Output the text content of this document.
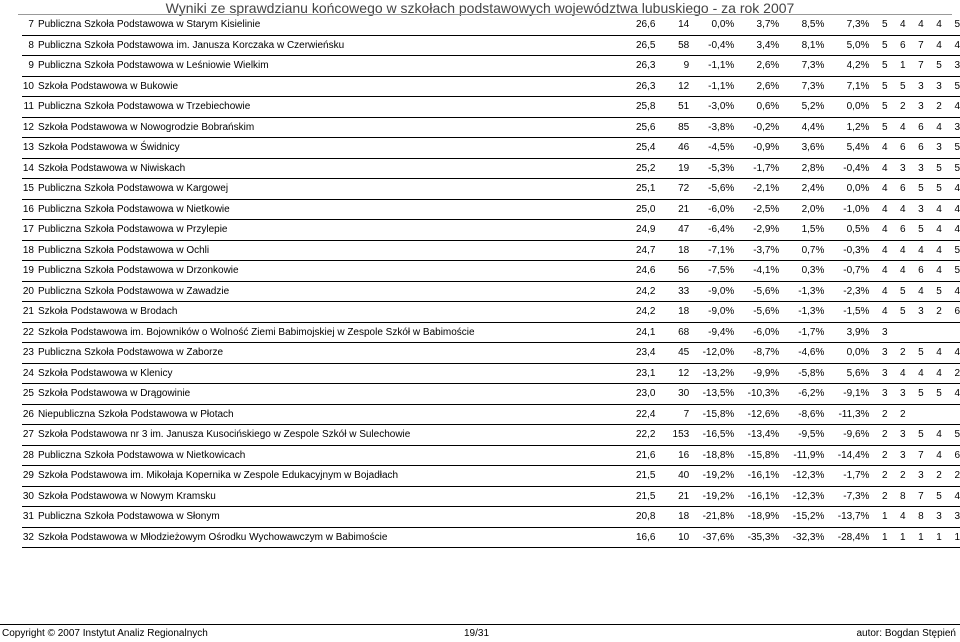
Wyniki ze sprawdzianu końcowego w szkołach podstawowych województwa lubuskiego - za rok 2007
7	Publiczna Szkoła Podstawowa w Starym Kisielinie	26,6	14	0,0%	3,7%	8,5%	7,3%	5	4	4	4	5
8	Publiczna Szkoła Podstawowa im. Janusza Korczaka w Czerwieńsku	26,5	58	-0,4%	3,4%	8,1%	5,0%	5	6	7	4	4
9	Publiczna Szkoła Podstawowa w Leśniowie Wielkim	26,3	9	-1,1%	2,6%	7,3%	4,2%	5	1	7	5	3
10	Szkoła Podstawowa w Bukowie	26,3	12	-1,1%	2,6%	7,3%	7,1%	5	5	3	3	5
11	Publiczna Szkoła Podstawowa w Trzebiechowie	25,8	51	-3,0%	0,6%	5,2%	0,0%	5	2	3	2	4
12	Szkoła Podstawowa w Nowogrodzie Bobrańskim	25,6	85	-3,8%	-0,2%	4,4%	1,2%	5	4	6	4	3
13	Szkoła Podstawowa w Świdnicy	25,4	46	-4,5%	-0,9%	3,6%	5,4%	4	6	6	3	5
14	Szkoła Podstawowa w Niwiskach	25,2	19	-5,3%	-1,7%	2,8%	-0,4%	4	3	3	5	5
15	Publiczna Szkoła Podstawowa w Kargowej	25,1	72	-5,6%	-2,1%	2,4%	0,0%	4	6	5	5	4
16	Publiczna Szkoła Podstawowa w Nietkowie	25,0	21	-6,0%	-2,5%	2,0%	-1,0%	4	4	3	4	4
17	Publiczna Szkoła Podstawowa w Przylepie	24,9	47	-6,4%	-2,9%	1,5%	0,5%	4	6	5	4	4
18	Publiczna Szkoła Podstawowa w Ochli	24,7	18	-7,1%	-3,7%	0,7%	-0,3%	4	4	4	4	5
19	Publiczna Szkoła Podstawowa w Drzonkowie	24,6	56	-7,5%	-4,1%	0,3%	-0,7%	4	4	6	4	5
20	Publiczna Szkoła Podstawowa w Zawadzie	24,2	33	-9,0%	-5,6%	-1,3%	-2,3%	4	5	4	5	4
21	Szkoła Podstawowa w Brodach	24,2	18	-9,0%	-5,6%	-1,3%	-1,5%	4	5	3	2	6
22	Szkoła Podstawowa im. Bojowników o Wolność Ziemi Babimojskiej w Zespole Szkół w Babimoście	24,1	68	-9,4%	-6,0%	-1,7%	3,9%	3				
23	Publiczna Szkoła Podstawowa w Zaborze	23,4	45	-12,0%	-8,7%	-4,6%	0,0%	3	2	5	4	4
24	Szkoła Podstawowa w Klenicy	23,1	12	-13,2%	-9,9%	-5,8%	5,6%	3	4	4	4	2
25	Szkoła Podstawowa w Drągowinie	23,0	30	-13,5%	-10,3%	-6,2%	-9,1%	3	3	5	5	4
26	Niepubliczna Szkoła Podstawowa w Płotach	22,4	7	-15,8%	-12,6%	-8,6%	-11,3%	2	2			
27	Szkoła Podstawowa nr 3 im. Janusza Kusocińskiego w Zespole Szkół w Sulechowie	22,2	153	-16,5%	-13,4%	-9,5%	-9,6%	2	3	5	4	5
28	Publiczna Szkoła Podstawowa w Nietkowicach	21,6	16	-18,8%	-15,8%	-11,9%	-14,4%	2	3	7	4	6
29	Szkoła Podstawowa im. Mikołaja Kopernika w Zespole Edukacyjnym w Bojadłach	21,5	40	-19,2%	-16,1%	-12,3%	-1,7%	2	2	3	2	2
30	Szkoła Podstawowa w Nowym Kramsku	21,5	21	-19,2%	-16,1%	-12,3%	-7,3%	2	8	7	5	4
31	Publiczna Szkoła Podstawowa w Słonym	20,8	18	-21,8%	-18,9%	-15,2%	-13,7%	1	4	8	3	3
32	Szkoła Podstawowa w Młodzieżowym Ośrodku Wychowawczym w Babimoście	16,6	10	-37,6%	-35,3%	-32,3%	-28,4%	1	1	1	1	1
Copyright © 2007 Instytut Analiz Regionalnych	19/31	autor: Bogdan Stępień
